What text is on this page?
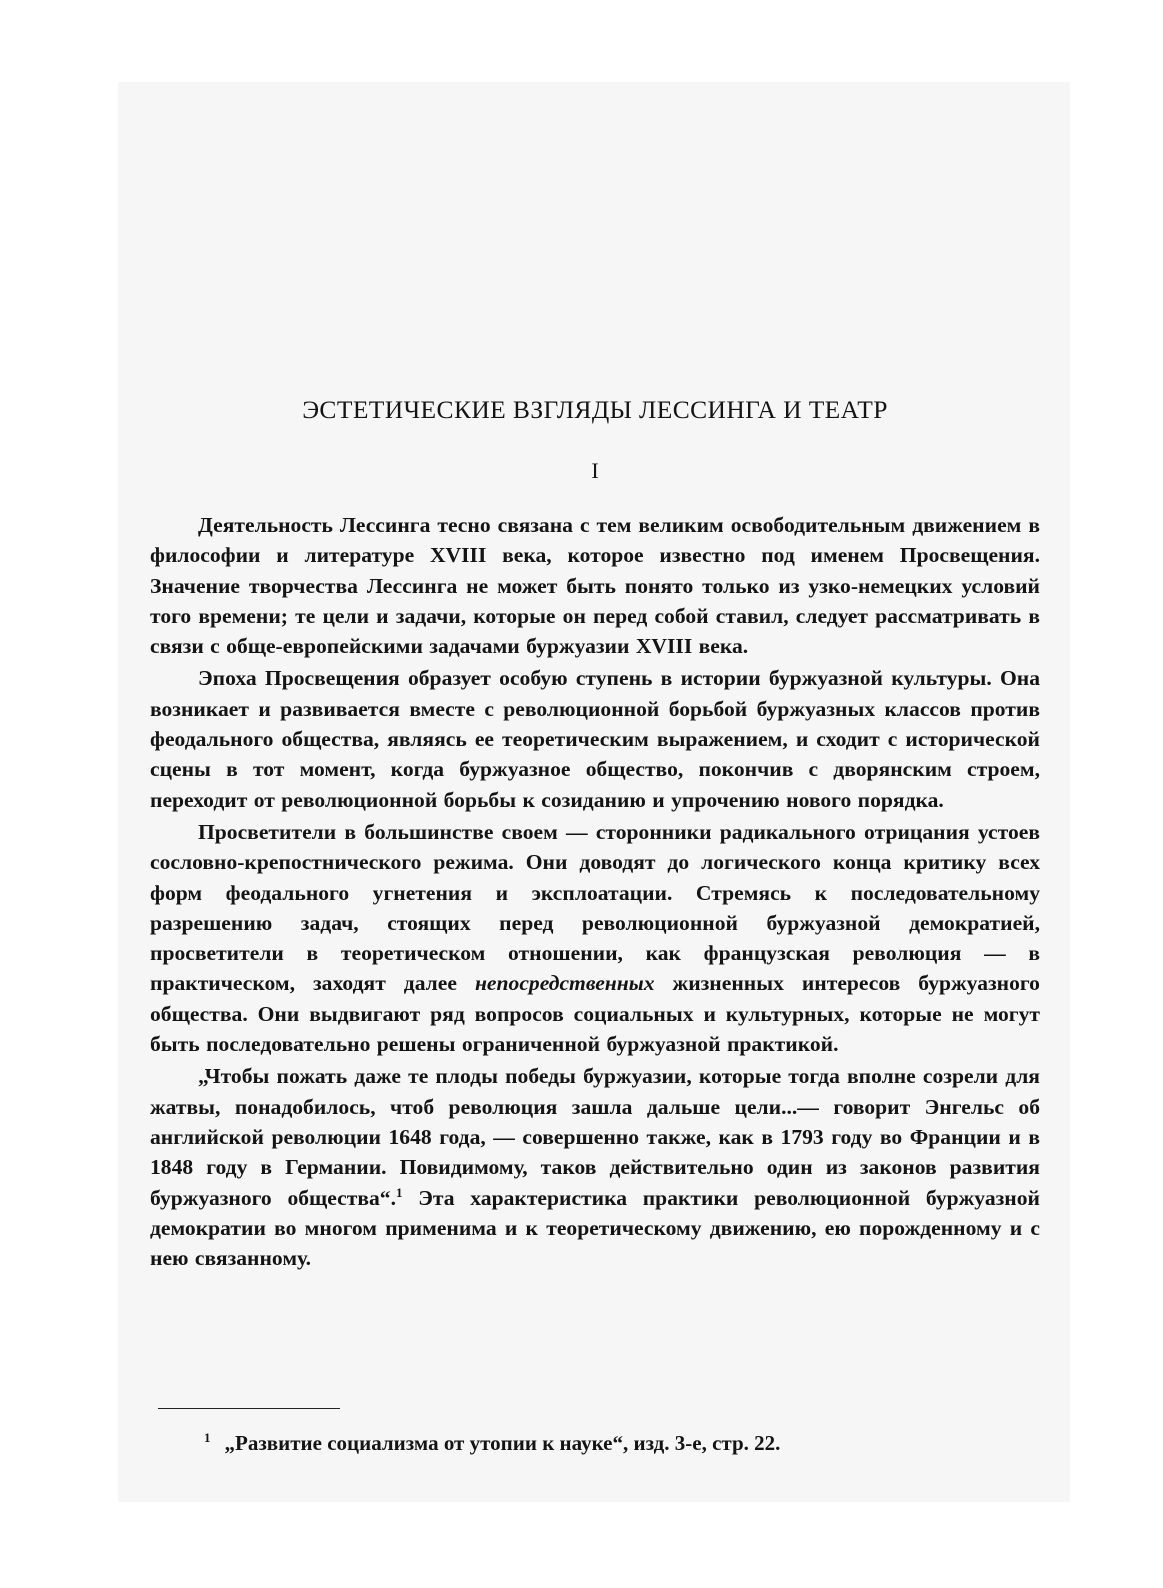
ЭСТЕТИЧЕСКИЕ ВЗГЛЯДЫ ЛЕССИНГА И ТЕАТР
I

Деятельность Лессинга тесно связана с тем великим освободительным движением в философии и литературе XVIII века, которое известно под именем Просвещения. Значение творчества Лессинга не может быть понято только из узко-немецких условий того времени; те цели и задачи, которые он перед собой ставил, следует рассматривать в связи с обще-европейскими задачами буржуазии XVIII века.

Эпоха Просвещения образует особую ступень в истории буржуазной культуры. Она возникает и развивается вместе с революционной борьбой буржуазных классов против феодального общества, являясь ее теоретическим выражением, и сходит с исторической сцены в тот момент, когда буржуазное общество, покончив с дворянским строем, переходит от революционной борьбы к созиданию и упрочению нового порядка.

Просветители в большинстве своем — сторонники радикального отрицания устоев сословно-крепостнического режима. Они доводят до логического конца критику всех форм феодального угнетения и эксплоатации. Стремясь к последовательному разрешению задач, стоящих перед революционной буржуазной демократией, просветители в теоретическом отношении, как французская революция — в практическом, заходят далее непосредственных жизненных интересов буржуазного общества. Они выдвигают ряд вопросов социальных и культурных, которые не могут быть последовательно решены ограниченной буржуазной практикой.

„Чтобы пожать даже те плоды победы буржуазии, которые тогда вполне созрели для жатвы, понадобилось, чтоб революция зашла дальше цели...— говорит Энгельс об английской революции 1648 года, — совершенно также, как в 1793 году во Франции и в 1848 году в Германии. Повидимому, таков действительно один из законов развития буржуазного общества“.$^1$ Эта характеристика практики революционной буржуазной демократии во многом применима и к теоретическому движению, ею порожденному и с нею связанному.

$^1$ „Развитие социализма от утопии к науке“, изд. 3-е, стр. 22.
